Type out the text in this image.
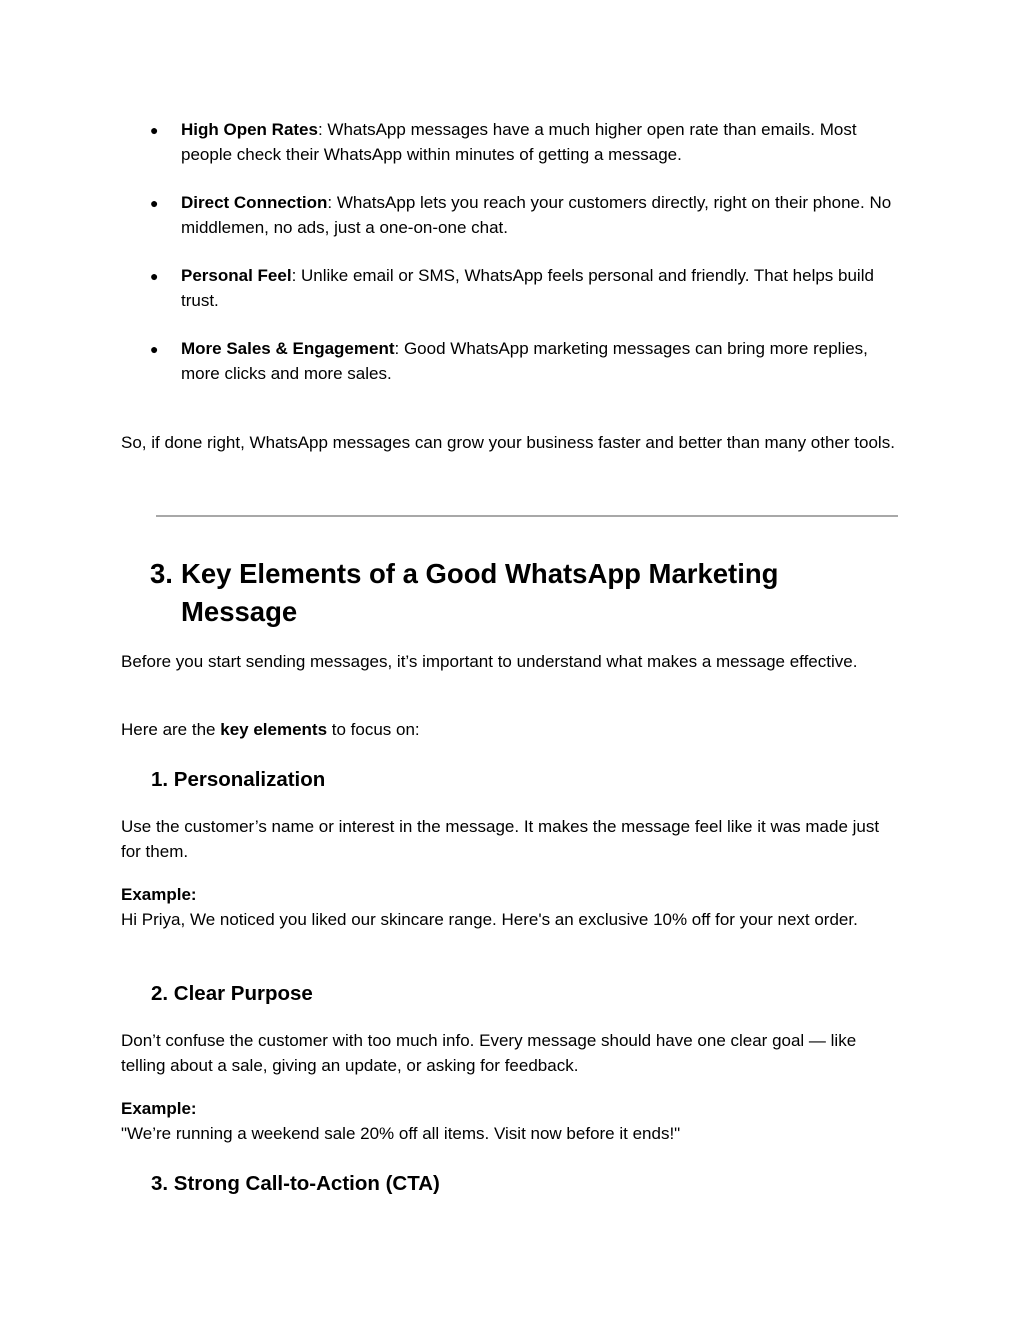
● High Open Rates: WhatsApp messages have a much higher open rate than emails. Most people check their WhatsApp within minutes of getting a message.
● Direct Connection: WhatsApp lets you reach your customers directly, right on their phone. No middlemen, no ads, just a one-on-one chat.
● Personal Feel: Unlike email or SMS, WhatsApp feels personal and friendly. That helps build trust.
● More Sales & Engagement: Good WhatsApp marketing messages can bring more replies, more clicks and more sales.

So, if done right, WhatsApp messages can grow your business faster and better than many other tools.

3. Key Elements of a Good WhatsApp Marketing
Message

Before you start sending messages, it’s important to understand what makes a message effective.

Here are the key elements to focus on:

1. Personalization

Use the customer’s name or interest in the message. It makes the message feel like it was made just for them.

Example:
Hi Priya, We noticed you liked our skincare range. Here's an exclusive 10% off for your next order.

2. Clear Purpose

Don’t confuse the customer with too much info. Every message should have one clear goal — like telling about a sale, giving an update, or asking for feedback.

Example:
"We’re running a weekend sale 20% off all items. Visit now before it ends!"

3. Strong Call-to-Action (CTA)
